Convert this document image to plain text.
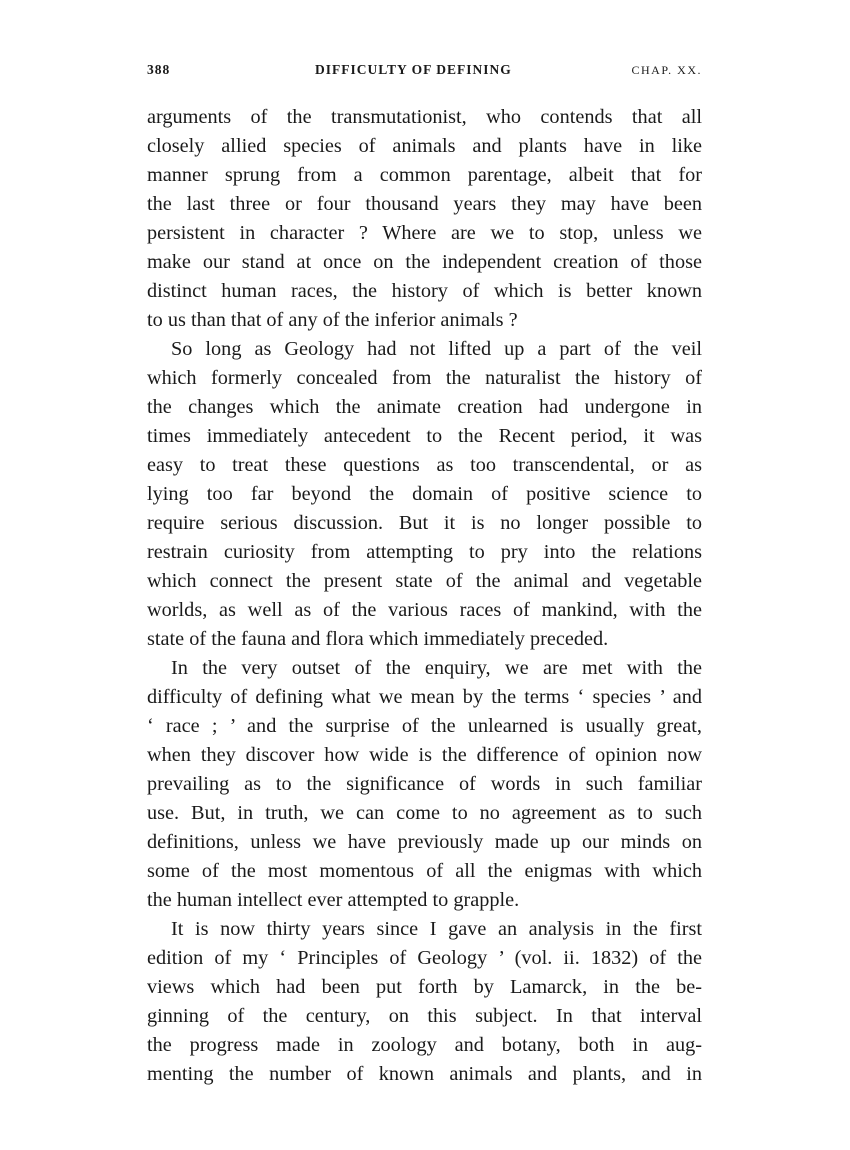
388	DIFFICULTY OF DEFINING	CHAP. XX.
arguments of the transmutationist, who contends that all
closely allied species of animals and plants have in like
manner sprung from a common parentage, albeit that for
the last three or four thousand years they may have been
persistent in character ? Where are we to stop, unless we
make our stand at once on the independent creation of those
distinct human races, the history of which is better known
to us than that of any of the inferior animals ?
So long as Geology had not lifted up a part of the veil
which formerly concealed from the naturalist the history of
the changes which the animate creation had undergone in
times immediately antecedent to the Recent period, it was
easy to treat these questions as too transcendental, or as
lying too far beyond the domain of positive science to
require serious discussion. But it is no longer possible to
restrain curiosity from attempting to pry into the relations
which connect the present state of the animal and vegetable
worlds, as well as of the various races of mankind, with the
state of the fauna and flora which immediately preceded.
In the very outset of the enquiry, we are met with the
difficulty of defining what we mean by the terms ‘ species ’ and
‘ race ; ’ and the surprise of the unlearned is usually great,
when they discover how wide is the difference of opinion now
prevailing as to the significance of words in such familiar
use. But, in truth, we can come to no agreement as to such
definitions, unless we have previously made up our minds on
some of the most momentous of all the enigmas with which
the human intellect ever attempted to grapple.
It is now thirty years since I gave an analysis in the first
edition of my ‘ Principles of Geology ’ (vol. ii. 1832) of the
views which had been put forth by Lamarck, in the be-
ginning of the century, on this subject. In that interval
the progress made in zoology and botany, both in aug-
menting the number of known animals and plants, and in
